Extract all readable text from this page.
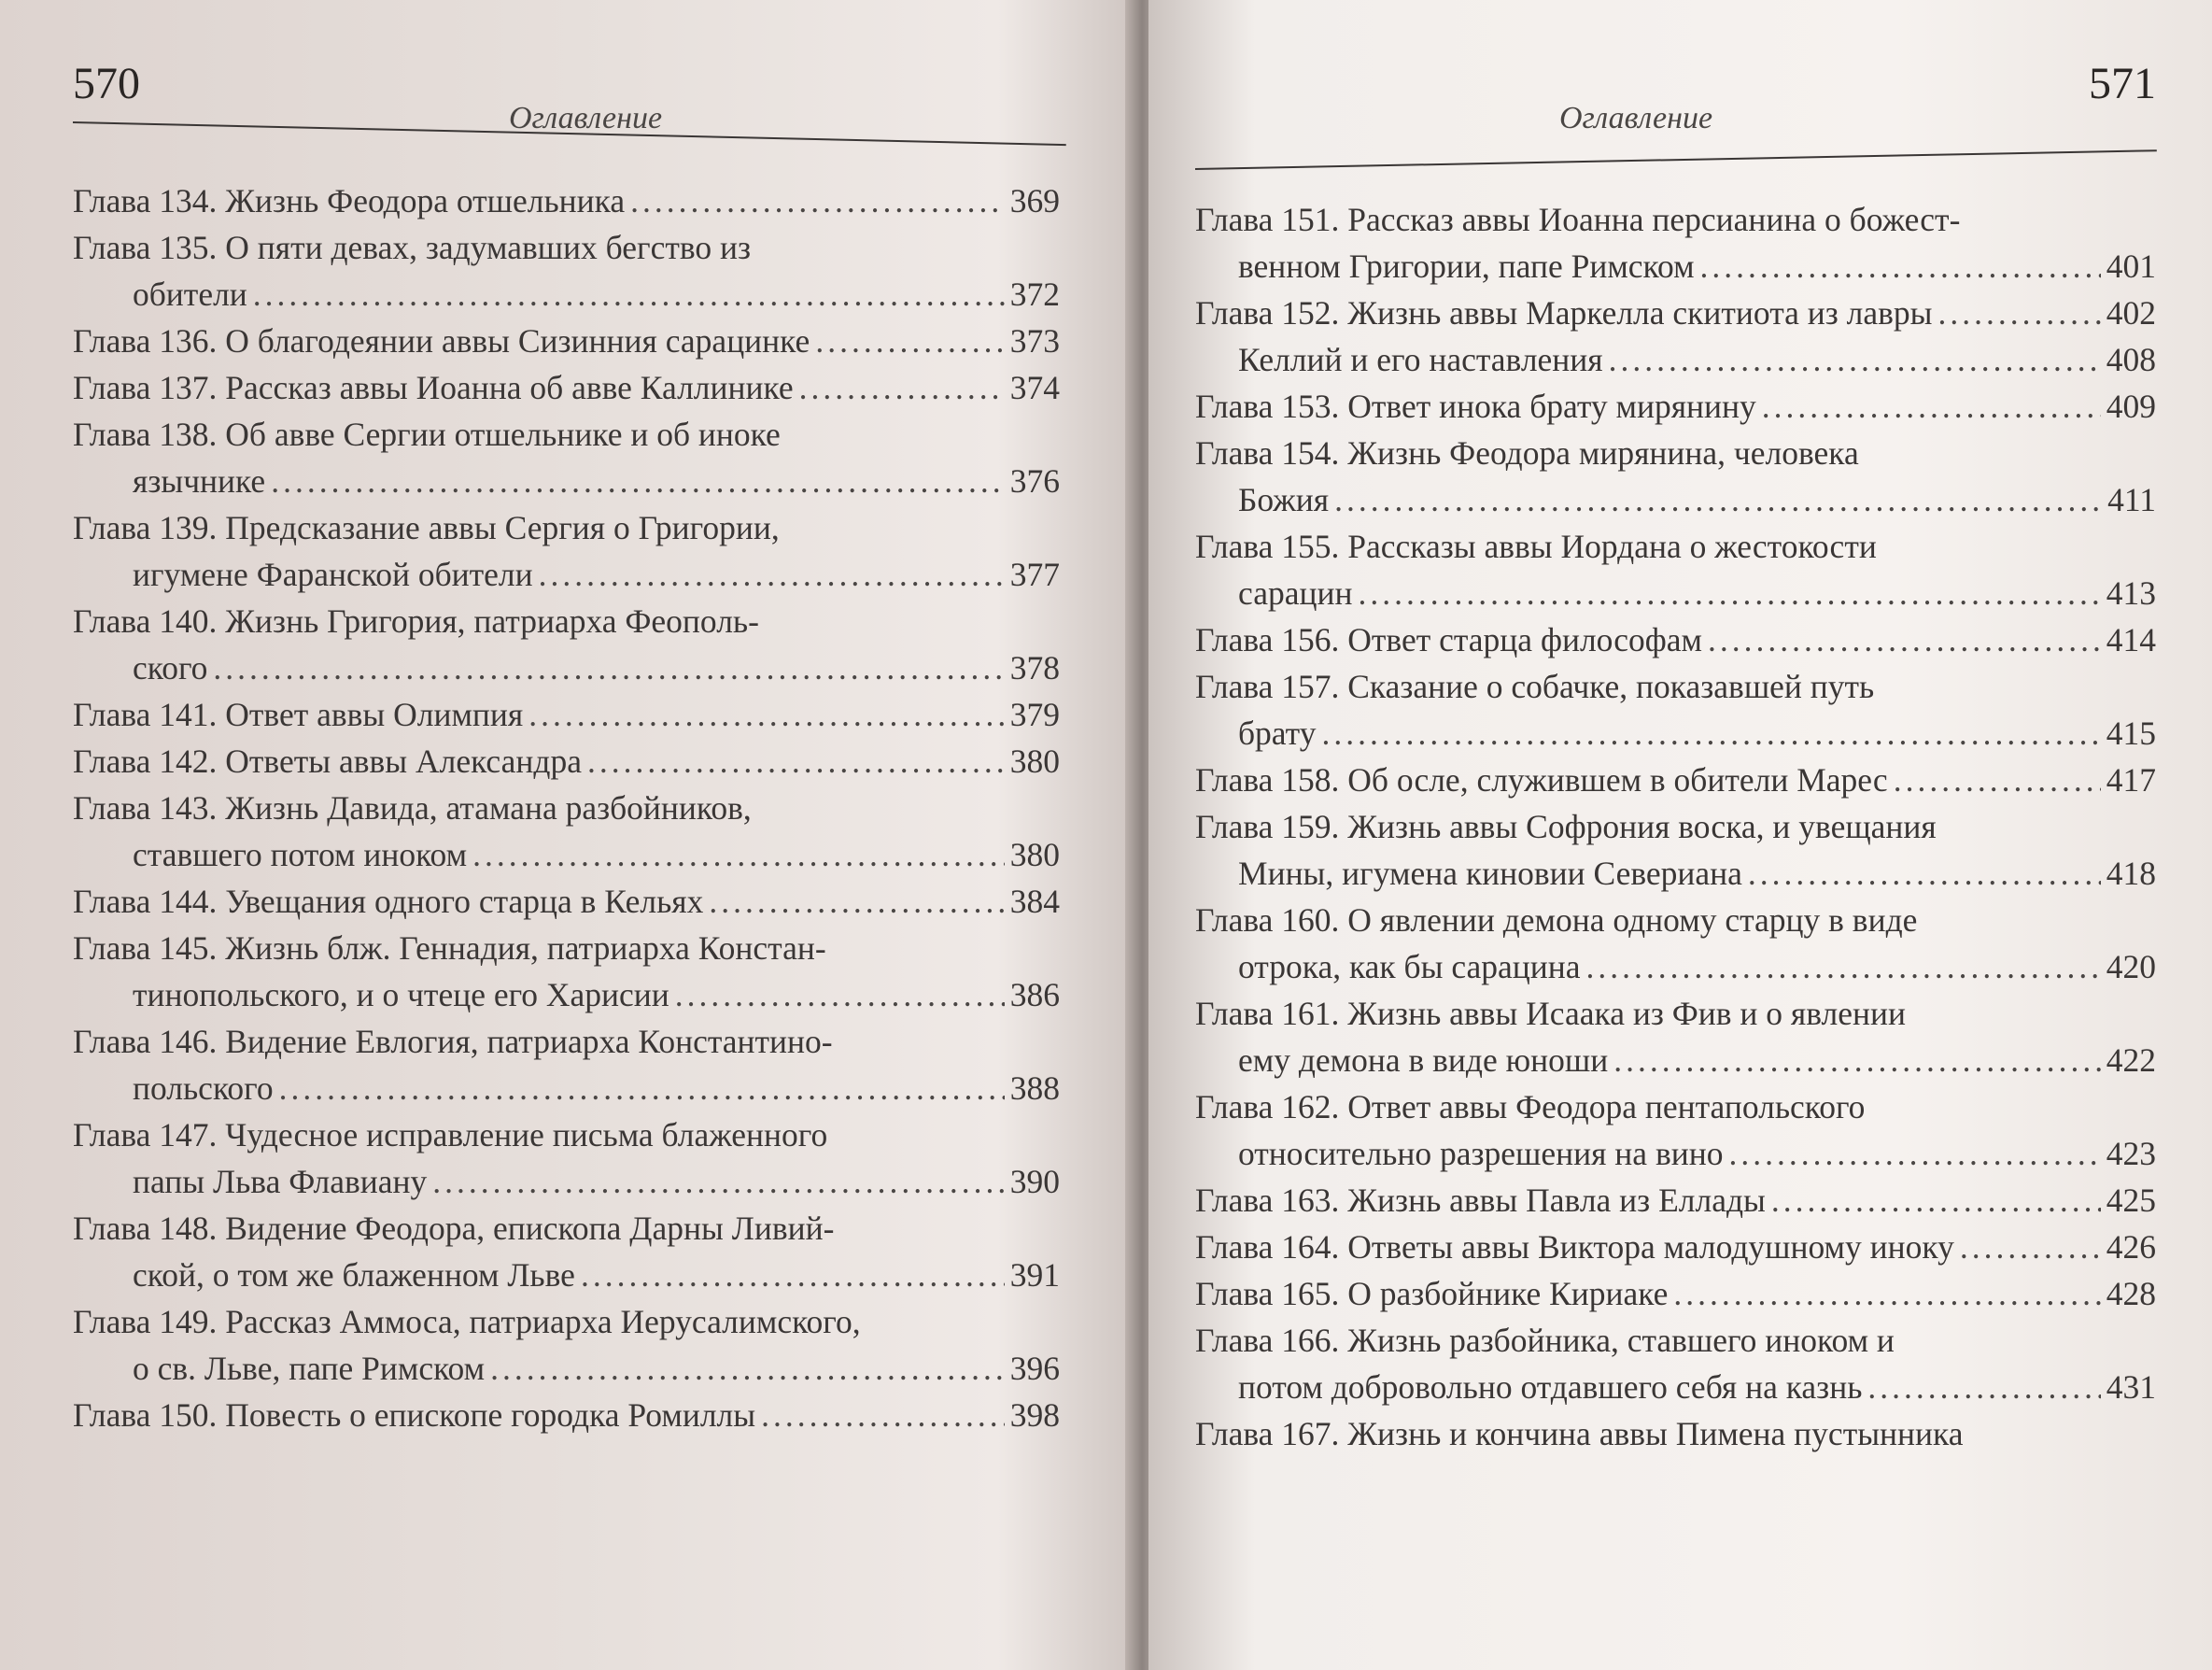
570
Оглавление
Глава 134. Жизнь Феодора отшельника .....	369
Глава 135. О пяти девах, задумавших бегство из
обители .....	372
Глава 136. О благодеянии аввы Сизинния сарацинке .....	373
Глава 137. Рассказ аввы Иоанна об авве Каллинике .....	374
Глава 138. Об авве Сергии отшельнике и об иноке
язычнике .....	376
Глава 139. Предсказание аввы Сергия о Григории,
игумене Фаранской обители .....	377
Глава 140. Жизнь Григория, патриарха Феополь-
ского .....	378
Глава 141. Ответ аввы Олимпия .....	379
Глава 142. Ответы аввы Александра .....	380
Глава 143. Жизнь Давида, атамана разбойников,
ставшего потом иноком .....	380
Глава 144. Увещания одного старца в Кельях .....	384
Глава 145. Жизнь блж. Геннадия, патриарха Констан-
тинопольского, и о чтеце его Харисии .....	386
Глава 146. Видение Евлогия, патриарха Константино-
польского .....	388
Глава 147. Чудесное исправление письма блаженного
папы Льва Флавиану .....	390
Глава 148. Видение Феодора, епископа Дарны Ливий-
ской, о том же блаженном Льве .....	391
Глава 149. Рассказ Аммоса, патриарха Иерусалимского,
о св. Льве, папе Римском .....	396
Глава 150. Повесть о епископе городка Ромиллы .....	398
571
Оглавление
Глава 151. Рассказ аввы Иоанна персианина о божест-
венном Григории, папе Римском .....	401
Глава 152. Жизнь аввы Маркелла скитиота из лавры .....	402
Келлий и его наставления .....	408
Глава 153. Ответ инока брату мирянину .....	409
Глава 154. Жизнь Феодора мирянина, человека
Божия .....	411
Глава 155. Рассказы аввы Иордана о жестокости
сарацин .....	413
Глава 156. Ответ старца философам .....	414
Глава 157. Сказание о собачке, показавшей путь
брату .....	415
Глава 158. Об осле, служившем в обители Марес .....	417
Глава 159. Жизнь аввы Софрония воска, и увещания
Мины, игумена киновии Севериана .....	418
Глава 160. О явлении демона одному старцу в виде
отрока, как бы сарацина .....	420
Глава 161. Жизнь аввы Исаака из Фив и о явлении
ему демона в виде юноши .....	422
Глава 162. Ответ аввы Феодора пентапольского
относительно разрешения на вино .....	423
Глава 163. Жизнь аввы Павла из Еллады .....	425
Глава 164. Ответы аввы Виктора малодушному иноку .....	426
Глава 165. О разбойнике Кириаке .....	428
Глава 166. Жизнь разбойника, ставшего иноком и
потом добровольно отдавшего себя на казнь .....	431
Глава 167. Жизнь и кончина аввы Пимена пустынника
